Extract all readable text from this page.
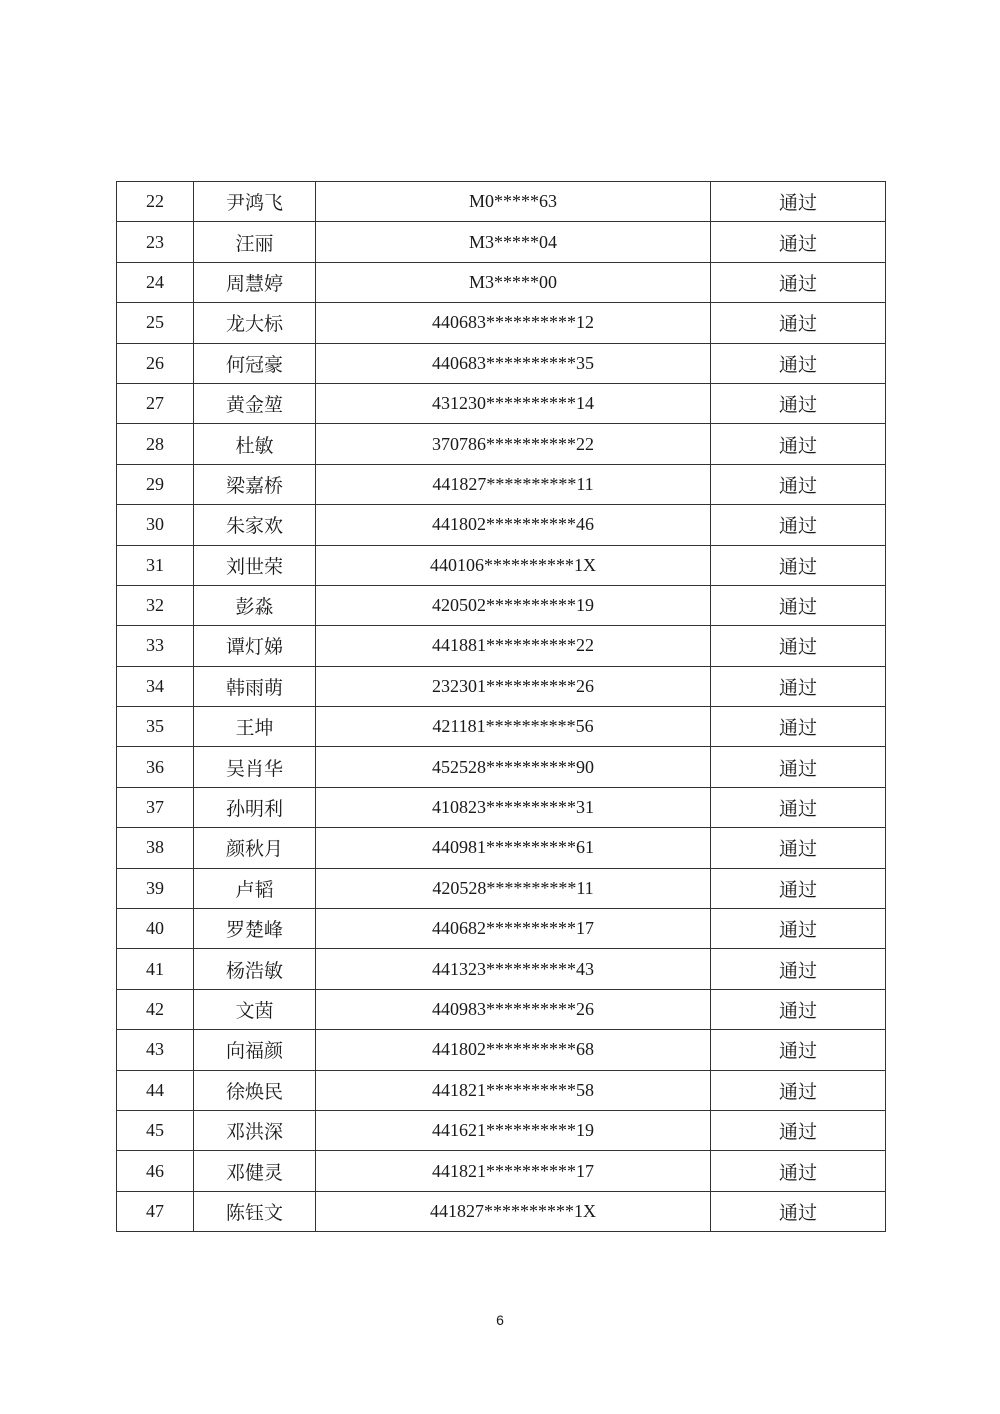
22	尹鸿飞	M0*****63	通过
23	汪丽	M3*****04	通过
24	周慧婷	M3*****00	通过
25	龙大标	440683**********12	通过
26	何冠豪	440683**********35	通过
27	黄金堃	431230**********14	通过
28	杜敏	370786**********22	通过
29	梁嘉桥	441827**********11	通过
30	朱家欢	441802**********46	通过
31	刘世荣	440106**********1X	通过
32	彭淼	420502**********19	通过
33	谭灯娣	441881**********22	通过
34	韩雨萌	232301**********26	通过
35	王坤	421181**********56	通过
36	吴肖华	452528**********90	通过
37	孙明利	410823**********31	通过
38	颜秋月	440981**********61	通过
39	卢韬	420528**********11	通过
40	罗楚峰	440682**********17	通过
41	杨浩敏	441323**********43	通过
42	文茵	440983**********26	通过
43	向福颜	441802**********68	通过
44	徐焕民	441821**********58	通过
45	邓洪深	441621**********19	通过
46	邓健灵	441821**********17	通过
47	陈钰文	441827**********1X	通过
6
